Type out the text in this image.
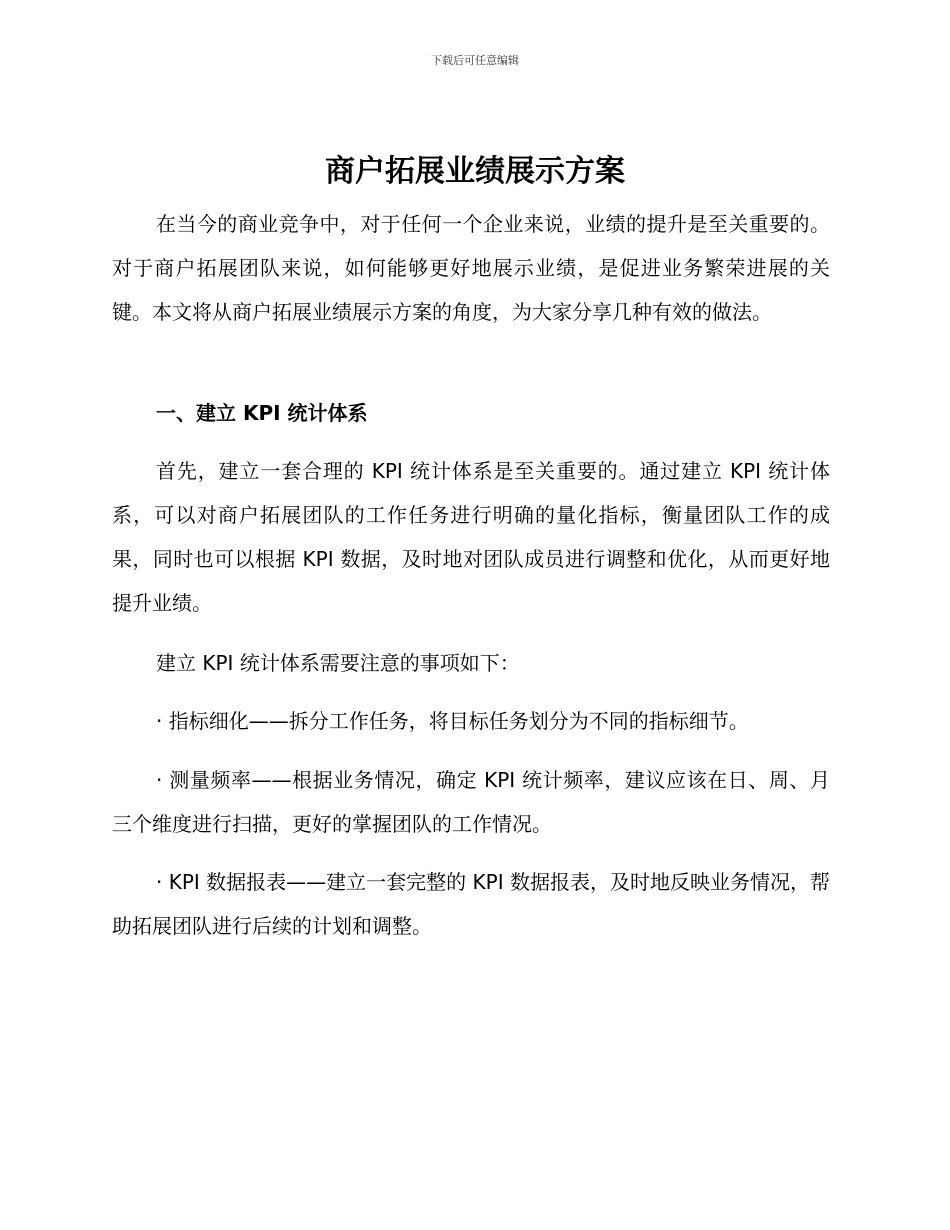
下载后可任意编辑
商户拓展业绩展示方案

在当今的商业竞争中，对于任何一个企业来说，业绩的提升是至关重要的。对于商户拓展团队来说，如何能够更好地展示业绩，是促进业务繁荣进展的关键。本文将从商户拓展业绩展示方案的角度，为大家分享几种有效的做法。

一、建立 KPI 统计体系

首先，建立一套合理的 KPI 统计体系是至关重要的。通过建立 KPI 统计体系，可以对商户拓展团队的工作任务进行明确的量化指标，衡量团队工作的成果，同时也可以根据 KPI 数据，及时地对团队成员进行调整和优化，从而更好地提升业绩。

建立 KPI 统计体系需要注意的事项如下：

· 指标细化——拆分工作任务，将目标任务划分为不同的指标细节。

· 测量频率——根据业务情况，确定 KPI 统计频率，建议应该在日、周、月三个维度进行扫描，更好的掌握团队的工作情况。

· KPI 数据报表——建立一套完整的 KPI 数据报表，及时地反映业务情况，帮助拓展团队进行后续的计划和调整。
